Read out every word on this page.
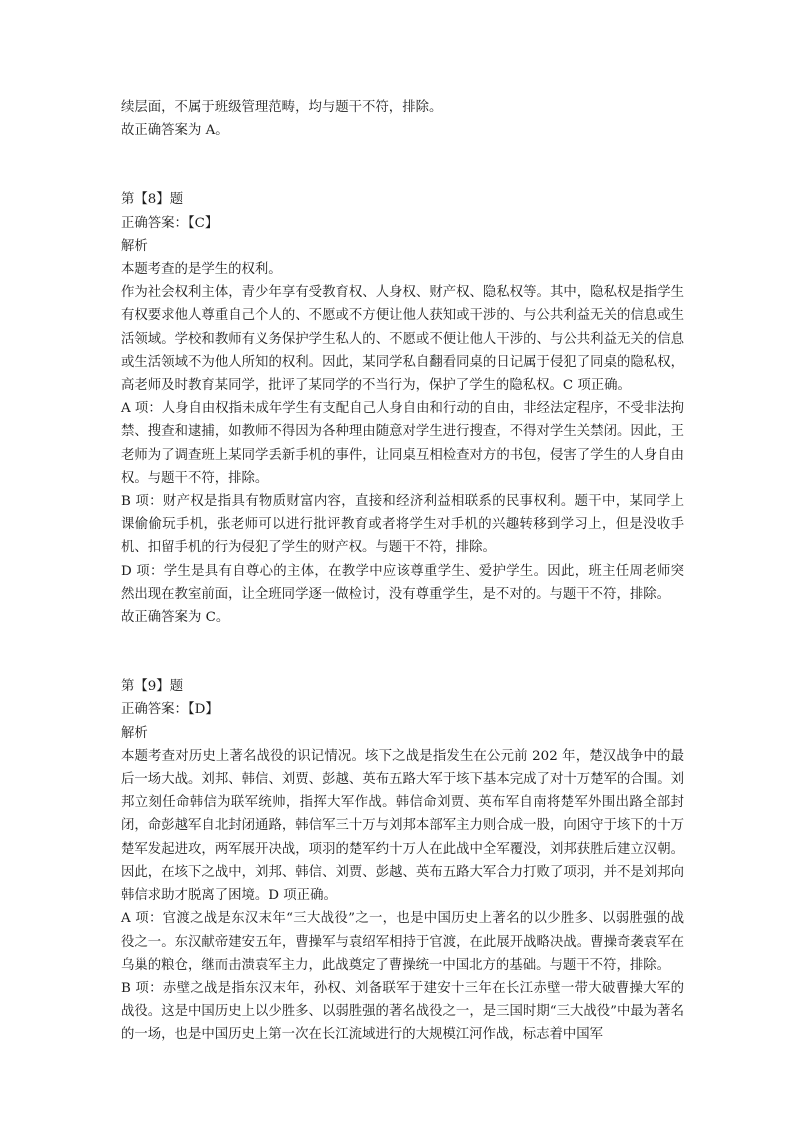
续层面，不属于班级管理范畴，均与题干不符，排除。

故正确答案为 A。

第【8】题

正确答案：【C】

解析

本题考查的是学生的权利。

作为社会权利主体，青少年享有受教育权、人身权、财产权、隐私权等。其中，隐私权是指学生有权要求他人尊重自己个人的、不愿或不方便让他人获知或干涉的、与公共利益无关的信息或生活领域。学校和教师有义务保护学生私人的、不愿或不便让他人干涉的、与公共利益无关的信息或生活领域不为他人所知的权利。因此，某同学私自翻看同桌的日记属于侵犯了同桌的隐私权，高老师及时教育某同学，批评了某同学的不当行为，保护了学生的隐私权。C 项正确。

A 项：人身自由权指未成年学生有支配自己人身自由和行动的自由，非经法定程序，不受非法拘禁、搜查和逮捕，如教师不得因为各种理由随意对学生进行搜查，不得对学生关禁闭。因此，王老师为了调查班上某同学丢新手机的事件，让同桌互相检查对方的书包，侵害了学生的人身自由权。与题干不符，排除。

B 项：财产权是指具有物质财富内容，直接和经济利益相联系的民事权利。题干中，某同学上课偷偷玩手机，张老师可以进行批评教育或者将学生对手机的兴趣转移到学习上，但是没收手机、扣留手机的行为侵犯了学生的财产权。与题干不符，排除。

D 项：学生是具有自尊心的主体，在教学中应该尊重学生、爱护学生。因此，班主任周老师突然出现在教室前面，让全班同学逐一做检讨，没有尊重学生，是不对的。与题干不符，排除。

故正确答案为 C。

第【9】题

正确答案：【D】

解析

本题考查对历史上著名战役的识记情况。垓下之战是指发生在公元前 202 年，楚汉战争中的最后一场大战。刘邦、韩信、刘贾、彭越、英布五路大军于垓下基本完成了对十万楚军的合围。刘邦立刻任命韩信为联军统帅，指挥大军作战。韩信命刘贾、英布军自南将楚军外围出路全部封闭，命彭越军自北封闭通路，韩信军三十万与刘邦本部军主力则合成一股，向困守于垓下的十万楚军发起进攻，两军展开决战，项羽的楚军约十万人在此战中全军覆没，刘邦获胜后建立汉朝。因此，在垓下之战中，刘邦、韩信、刘贾、彭越、英布五路大军合力打败了项羽，并不是刘邦向韩信求助才脱离了困境。D 项正确。

A 项：官渡之战是东汉末年“三大战役”之一，也是中国历史上著名的以少胜多、以弱胜强的战役之一。东汉献帝建安五年，曹操军与袁绍军相持于官渡，在此展开战略决战。曹操奇袭袁军在乌巢的粮仓，继而击溃袁军主力，此战奠定了曹操统一中国北方的基础。与题干不符，排除。

B 项：赤壁之战是指东汉末年，孙权、刘备联军于建安十三年在长江赤壁一带大破曹操大军的战役。这是中国历史上以少胜多、以弱胜强的著名战役之一，是三国时期“三大战役”中最为著名的一场，也是中国历史上第一次在长江流域进行的大规模江河作战，标志着中国军
